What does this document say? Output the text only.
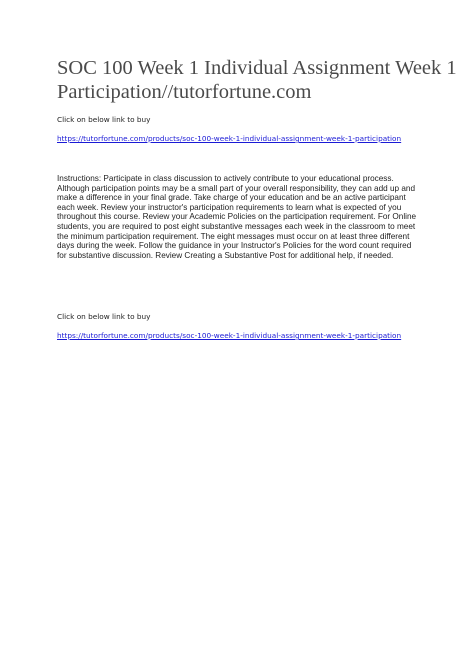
SOC 100 Week 1 Individual Assignment Week 1 Participation//tutorfortune.com
Click on below link to buy
https://tutorfortune.com/products/soc-100-week-1-individual-assignment-week-1-participation

Instructions: Participate in class discussion to actively contribute to your educational process. Although participation points may be a small part of your overall responsibility, they can add up and make a difference in your final grade. Take charge of your education and be an active participant each week. Review your instructor's participation requirements to learn what is expected of you throughout this course. Review your Academic Policies on the participation requirement. For Online students, you are required to post eight substantive messages each week in the classroom to meet the minimum participation requirement. The eight messages must occur on at least three different days during the week. Follow the guidance in your Instructor's Policies for the word count required for substantive discussion. Review Creating a Substantive Post for additional help, if needed.

Click on below link to buy
https://tutorfortune.com/products/soc-100-week-1-individual-assignment-week-1-participation
